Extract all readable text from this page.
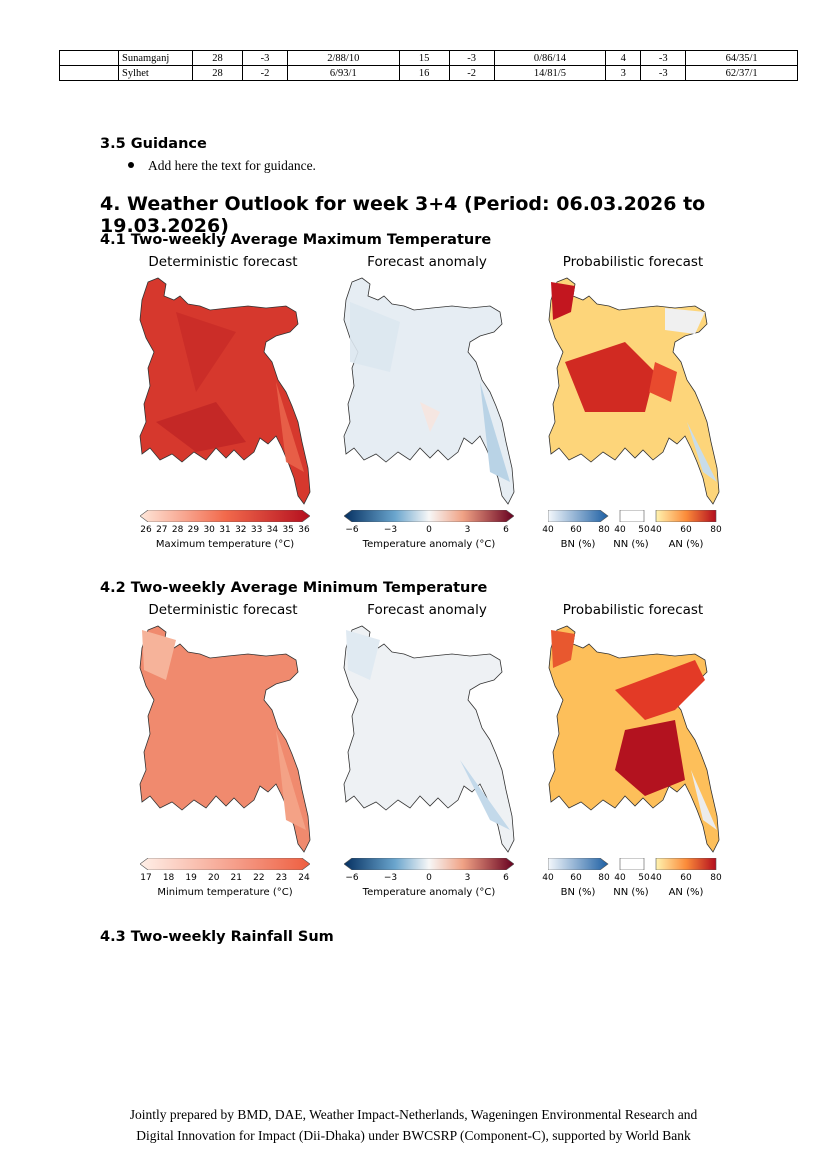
	Sunamganj	28	-3	2/88/10	15	-3	0/86/14	4	-3	64/35/1
	Sylhet	28	-2	6/93/1	16	-2	14/81/5	3	-3	62/37/1
3.5 Guidance
Add here the text for guidance.
4. Weather Outlook for week 3+4 (Period: 06.03.2026 to 19.03.2026)
4.1 Two-weekly Average Maximum Temperature
Deterministic forecast	Forecast anomaly	Probabilistic forecast
26 27 28 29 30 31 32 33 34 35 36
Maximum temperature (°C)
−6	−3	0	3	6
Temperature anomaly (°C)
40	60	80 40	50 40	60	80
BN (%)	NN (%)	AN (%)
4.2 Two-weekly Average Minimum Temperature
Deterministic forecast	Forecast anomaly	Probabilistic forecast
17	18	19	20	21	22	23	24
Minimum temperature (°C)
−6	−3	0	3	6
Temperature anomaly (°C)
40	60	80 40	50 40	60	80
BN (%)	NN (%)	AN (%)
4.3 Two-weekly Rainfall Sum
Jointly prepared by BMD, DAE, Weather Impact-Netherlands, Wageningen Environmental Research and
Digital Innovation for Impact (Dii-Dhaka) under BWCSRP (Component-C), supported by World Bank
